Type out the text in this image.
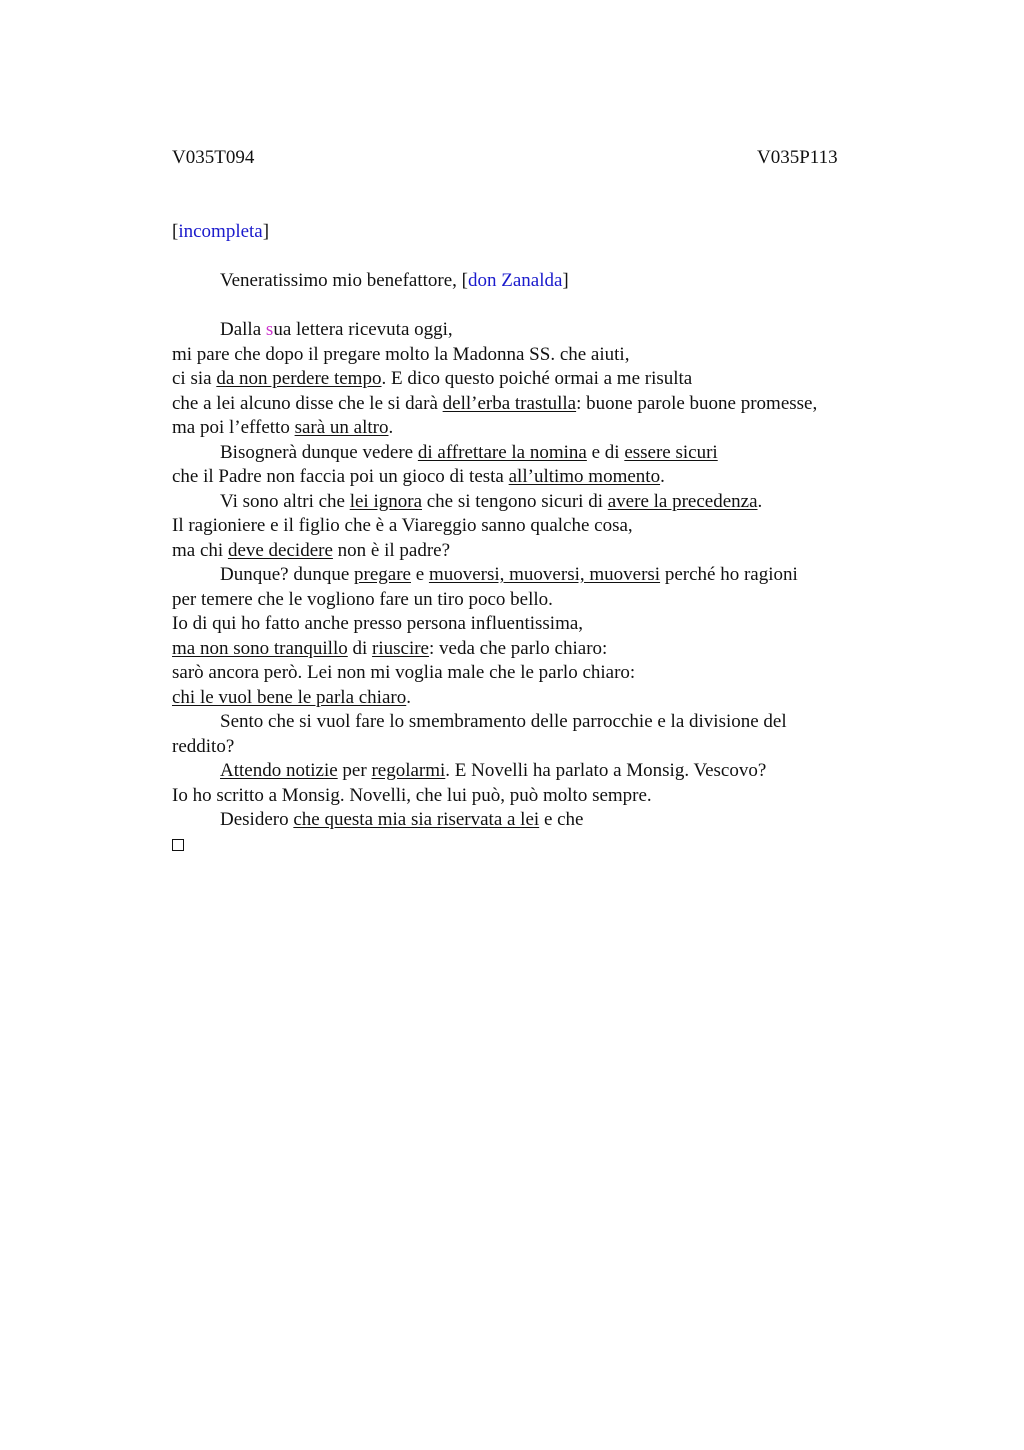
V035T094	V035P113
[incompleta]
Veneratissimo mio benefattore, [don Zanalda]
Dalla sua lettera ricevuta oggi,
mi pare che dopo il pregare molto la Madonna SS. che aiuti,
ci sia da non perdere tempo. E dico questo poiché ormai a me risulta
che a lei alcuno disse che le si darà dell’erba trastulla: buone parole buone promesse,
ma poi l’effetto sarà un altro.
Bisognerà dunque vedere di affrettare la nomina e di essere sicuri
che il Padre non faccia poi un gioco di testa all’ultimo momento.
Vi sono altri che lei ignora che si tengono sicuri di avere la precedenza.
Il ragioniere e il figlio che è a Viareggio sanno qualche cosa,
ma chi deve decidere non è il padre?
Dunque? dunque pregare e muoversi, muoversi, muoversi perché ho ragioni
per temere che le vogliono fare un tiro poco bello.
Io di qui ho fatto anche presso persona influentissima,
ma non sono tranquillo di riuscire: veda che parlo chiaro:
sarò ancora però. Lei non mi voglia male che le parlo chiaro:
chi le vuol bene le parla chiaro.
Sento che si vuol fare lo smembramento delle parrocchie e la divisione del
reddito?
Attendo notizie per regolarmi. E Novelli ha parlato a Monsig. Vescovo?
Io ho scritto a Monsig. Novelli, che lui può, può molto sempre.
Desidero che questa mia sia riservata a lei e che
